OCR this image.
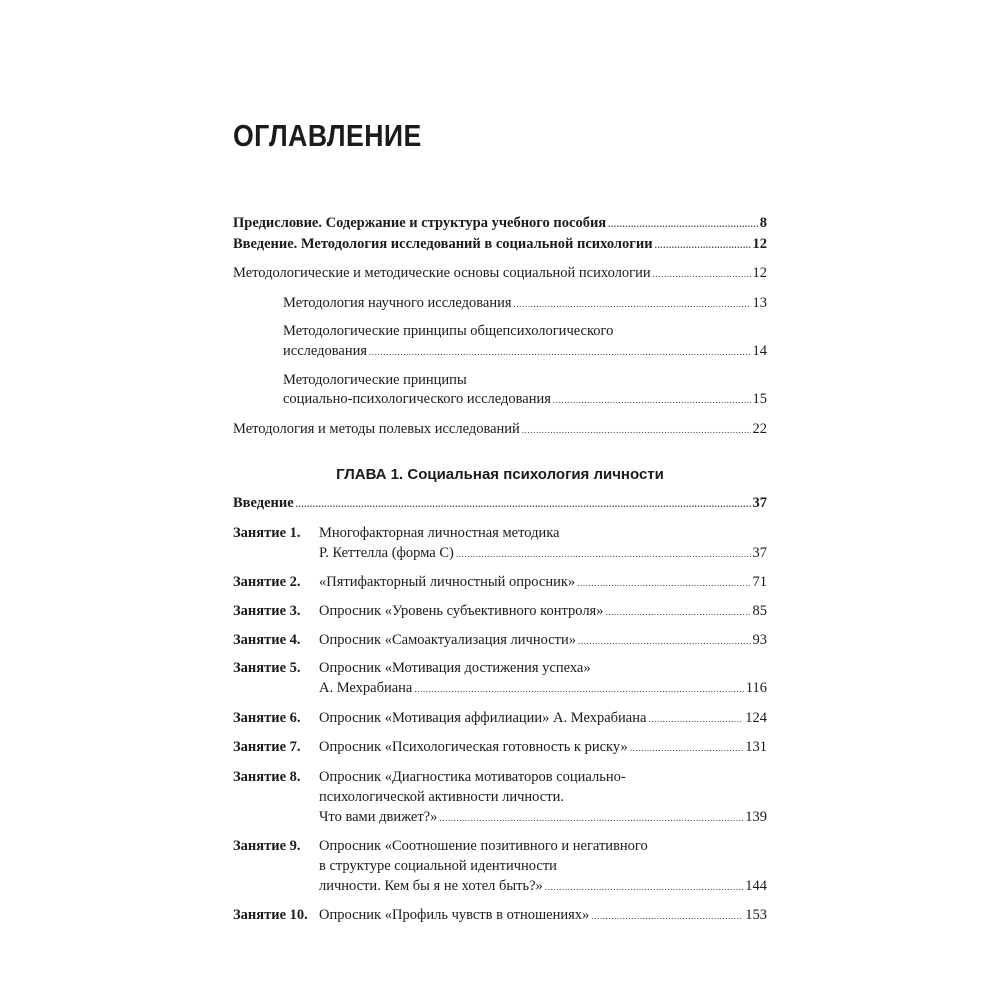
ОГЛАВЛЕНИЕ
Предисловие. Содержание и структура учебного пособия .....	8
Введение. Методология исследований в социальной психологии .....	12
Методологические и методические основы социальной психологии .....	12
Методология научного исследования .....	13
Методологические принципы общепсихологического
исследования .....	14
Методологические принципы
социально-психологического исследования .....	15
Методология и методы полевых исследований .....	22
ГЛАВА 1. Социальная психология личности
Введение .....	37
Занятие 1. Многофакторная личностная методика
Р. Кеттелла (форма С) .....	37
Занятие 2. «Пятифакторный личностный опросник» .....	71
Занятие 3. Опросник «Уровень субъективного контроля» .....	85
Занятие 4. Опросник «Самоактуализация личности» .....	93
Занятие 5. Опросник «Мотивация достижения успеха»
А. Мехрабиана .....	116
Занятие 6. Опросник «Мотивация аффилиации» А. Мехрабиана .....	124
Занятие 7. Опросник «Психологическая готовность к риску» .....	131
Занятие 8. Опросник «Диагностика мотиваторов социально-
психологической активности личности.
Что вами движет?» .....	139
Занятие 9. Опросник «Соотношение позитивного и негативного
в структуре социальной идентичности
личности. Кем бы я не хотел быть?» .....	144
Занятие 10. Опросник «Профиль чувств в отношениях» .....	153
